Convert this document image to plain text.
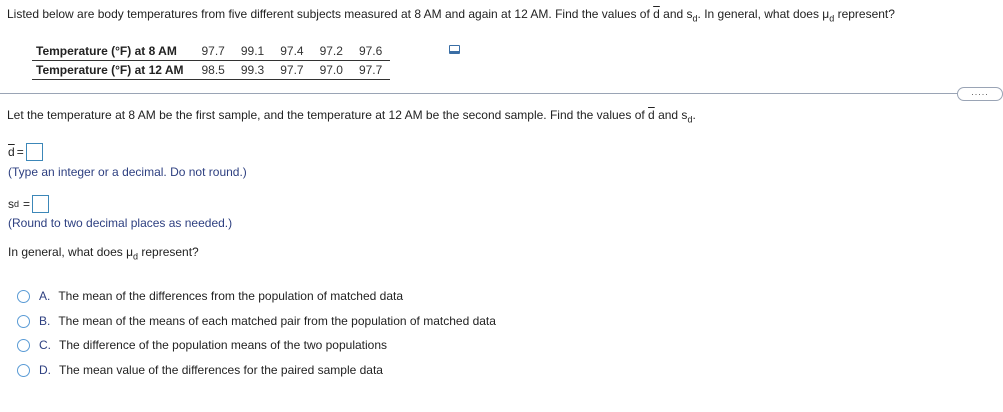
Listed below are body temperatures from five different subjects measured at 8 AM and again at 12 AM. Find the values of $\overline{d}$ and $s_d$. In general, what does $\mu_d$ represent?
Temperature (°F) at 8 AM	97.7	99.1	97.4	97.2	97.6
Temperature (°F) at 12 AM	98.5	99.3	97.7	97.0	97.7
.....
Let the temperature at 8 AM be the first sample, and the temperature at 12 AM be the second sample. Find the values of $\overline{d}$ and $s_d$.
$\overline{d}$ =
(Type an integer or a decimal. Do not round.)
s d =
(Round to two decimal places as needed.)
In general, what does $\mu_d$ represent?
A. The mean of the differences from the population of matched data
B. The mean of the means of each matched pair from the population of matched data
C. The difference of the population means of the two populations
D. The mean value of the differences for the paired sample data
